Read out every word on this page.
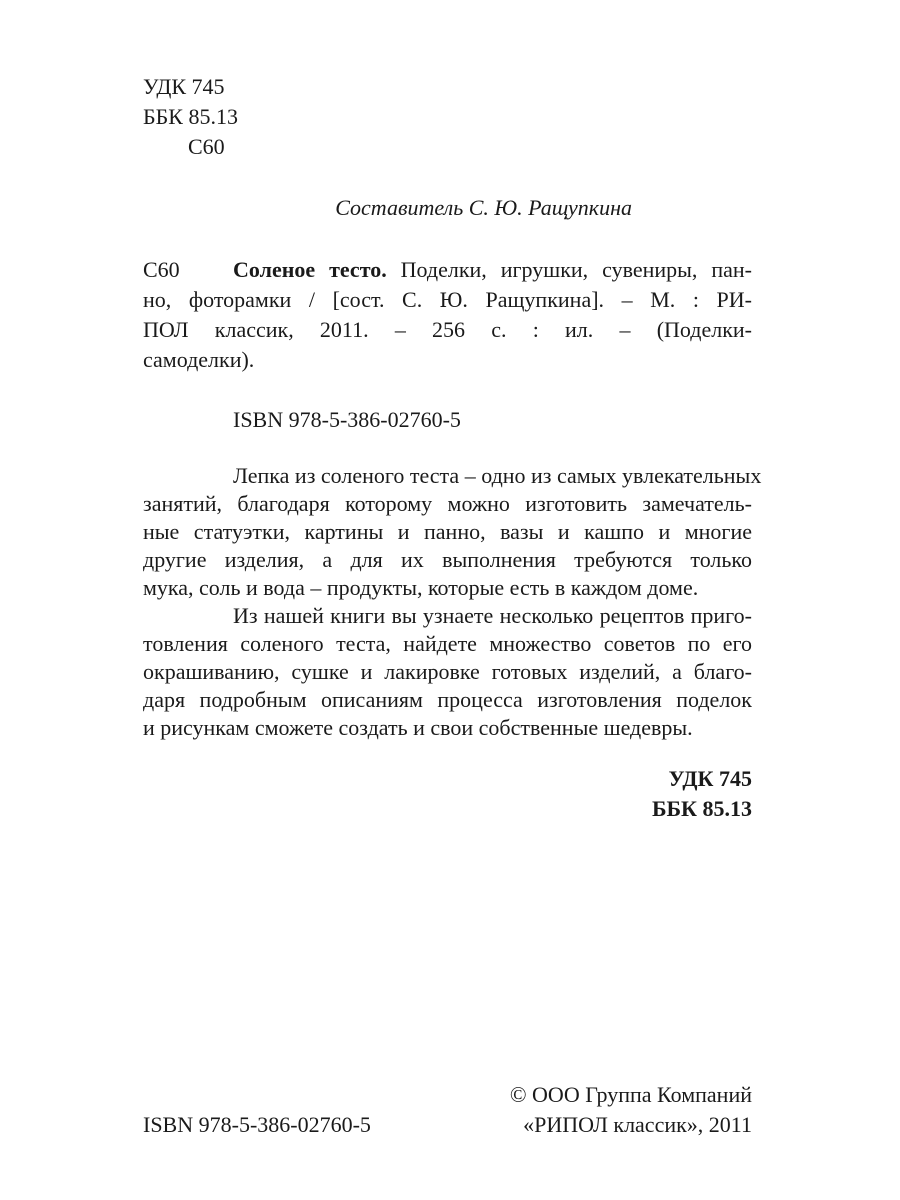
УДК 745
ББК 85.13
С60
Составитель С. Ю. Ращупкина
С60 Соленое тесто. Поделки, игрушки, сувениры, пан-
но, фоторамки / [сост. С. Ю. Ращупкина]. – М. : РИ-
ПОЛ классик, 2011. – 256 с. : ил. – (Поделки-
самоделки).
ISBN 978-5-386-02760-5
Лепка из соленого теста – одно из самых увлекательных
занятий, благодаря которому можно изготовить замечатель-
ные статуэтки, картины и панно, вазы и кашпо и многие
другие изделия, а для их выполнения требуются только
мука, соль и вода – продукты, которые есть в каждом доме.
Из нашей книги вы узнаете несколько рецептов приго-
товления соленого теста, найдете множество советов по его
окрашиванию, сушке и лакировке готовых изделий, а благо-
даря подробным описаниям процесса изготовления поделок
и рисункам сможете создать и свои собственные шедевры.
УДК 745
ББК 85.13
ISBN 978-5-386-02760-5
© ООО Группа Компаний
«РИПОЛ классик», 2011
